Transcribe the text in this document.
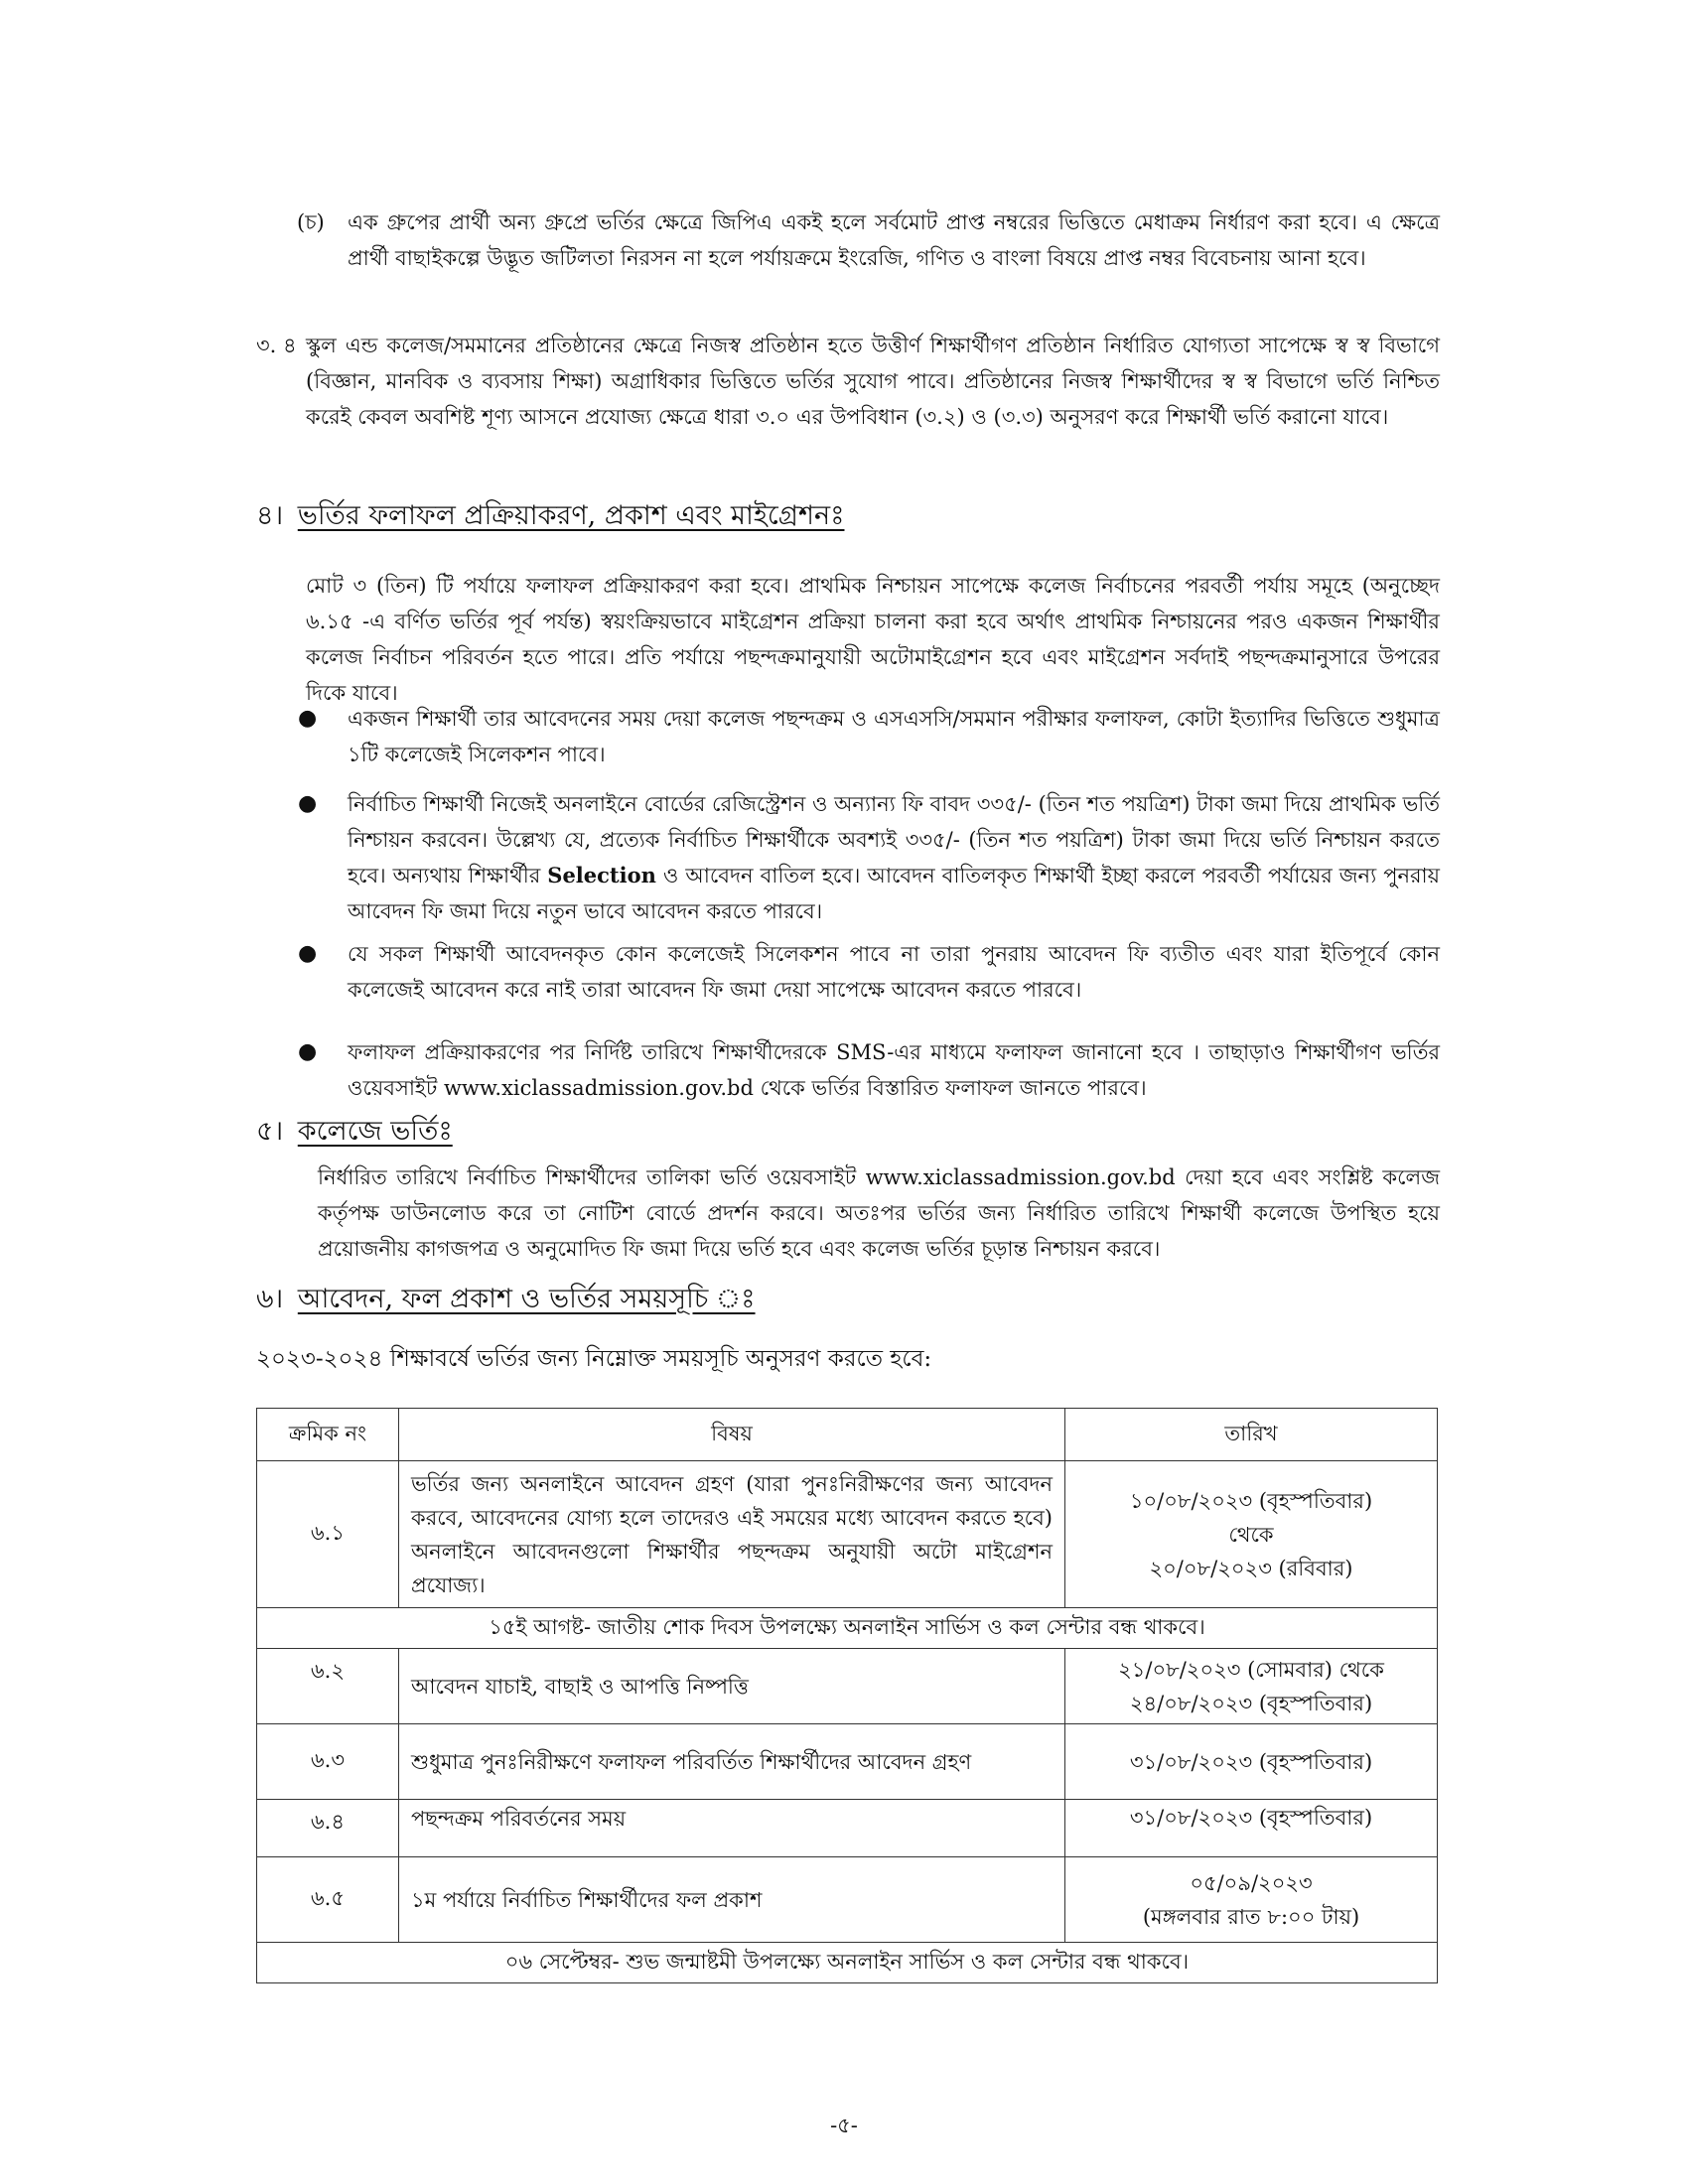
(চ) এক গ্রুপের প্রার্থী অন্য গ্রুপ্রে ভর্তির ক্ষেত্রে জিপিএ একই হলে সর্বমোট প্রাপ্ত নম্বরের ভিত্তিতে মেধাক্রম নির্ধারণ করা হবে। এ ক্ষেত্রে প্রার্থী বাছাইকল্পে উদ্ভূত জটিলতা নিরসন না হলে পর্যায়ক্রমে ইংরেজি, গণিত ও বাংলা বিষয়ে প্রাপ্ত নম্বর বিবেচনায় আনা হবে।

৩. ৪ স্কুল এন্ড কলেজ/সমমানের প্রতিষ্ঠানের ক্ষেত্রে নিজস্ব প্রতিষ্ঠান হতে উত্তীর্ণ শিক্ষার্থীগণ প্রতিষ্ঠান নির্ধারিত যোগ্যতা সাপেক্ষে স্ব স্ব বিভাগে (বিজ্ঞান, মানবিক ও ব্যবসায় শিক্ষা) অগ্রাধিকার ভিত্তিতে ভর্তির সুযোগ পাবে। প্রতিষ্ঠানের নিজস্ব শিক্ষার্থীদের স্ব স্ব বিভাগে ভর্তি নিশ্চিত করেই কেবল অবশিষ্ট শূণ্য আসনে প্রযোজ্য ক্ষেত্রে ধারা ৩.০ এর উপবিধান (৩.২) ও (৩.৩) অনুসরণ করে শিক্ষার্থী ভর্তি করানো যাবে।

৪। ভর্তির ফলাফল প্রক্রিয়াকরণ, প্রকাশ এবং মাইগ্রেশনঃ

মোট ৩ (তিন) টি পর্যায়ে ফলাফল প্রক্রিয়াকরণ করা হবে। প্রাথমিক নিশ্চায়ন সাপেক্ষে কলেজ নির্বাচনের পরবর্তী পর্যায় সমূহে (অনুচ্ছেদ ৬.১৫ -এ বর্ণিত ভর্তির পূর্ব পর্যন্ত) স্বয়ংক্রিয়ভাবে মাইগ্রেশন প্রক্রিয়া চালনা করা হবে অর্থাৎ প্রাথমিক নিশ্চায়নের পরও একজন শিক্ষার্থীর কলেজ নির্বাচন পরিবর্তন হতে পারে। প্রতি পর্যায়ে পছন্দক্রমানুযায়ী অটোমাইগ্রেশন হবে এবং মাইগ্রেশন সর্বদাই পছন্দক্রমানুসারে উপরের দিকে যাবে।

● একজন শিক্ষার্থী তার আবেদনের সময় দেয়া কলেজ পছন্দক্রম ও এসএসসি/সমমান পরীক্ষার ফলাফল, কোটা ইত্যাদির ভিত্তিতে শুধুমাত্র ১টি কলেজেই সিলেকশন পাবে।

● নির্বাচিত শিক্ষার্থী নিজেই অনলাইনে বোর্ডের রেজিস্ট্রেশন ও অন্যান্য ফি বাবদ ৩৩৫/- (তিন শত পয়ত্রিশ) টাকা জমা দিয়ে প্রাথমিক ভর্তি নিশ্চায়ন করবেন। উল্লেখ্য যে, প্রত্যেক নির্বাচিত শিক্ষার্থীকে অবশ্যই ৩৩৫/- (তিন শত পয়ত্রিশ) টাকা জমা দিয়ে ভর্তি নিশ্চায়ন করতে হবে। অন্যথায় শিক্ষার্থীর Selection ও আবেদন বাতিল হবে। আবেদন বাতিলকৃত শিক্ষার্থী ইচ্ছা করলে পরবর্তী পর্যায়ের জন্য পুনরায় আবেদন ফি জমা দিয়ে নতুন ভাবে আবেদন করতে পারবে।

● যে সকল শিক্ষার্থী আবেদনকৃত কোন কলেজেই সিলেকশন পাবে না তারা পুনরায় আবেদন ফি ব্যতীত এবং যারা ইতিপূর্বে কোন কলেজেই আবেদন করে নাই তারা আবেদন ফি জমা দেয়া সাপেক্ষে আবেদন করতে পারবে।

● ফলাফল প্রক্রিয়াকরণের পর নির্দিষ্ট তারিখে শিক্ষার্থীদেরকে SMS-এর মাধ্যমে ফলাফল জানানো হবে । তাছাড়াও শিক্ষার্থীগণ ভর্তির ওয়েবসাইট www.xiclassadmission.gov.bd থেকে ভর্তির বিস্তারিত ফলাফল জানতে পারবে।

৫। কলেজে ভর্তিঃ

নির্ধারিত তারিখে নির্বাচিত শিক্ষার্থীদের তালিকা ভর্তি ওয়েবসাইট www.xiclassadmission.gov.bd দেয়া হবে এবং সংশ্লিষ্ট কলেজ কর্তৃপক্ষ ডাউনলোড করে তা নোটিশ বোর্ডে প্রদর্শন করবে। অতঃপর ভর্তির জন্য নির্ধারিত তারিখে শিক্ষার্থী কলেজে উপস্থিত হয়ে প্রয়োজনীয় কাগজপত্র ও অনুমোদিত ফি জমা দিয়ে ভর্তি হবে এবং কলেজ ভর্তির চূড়ান্ত নিশ্চায়ন করবে।

৬। আবেদন, ফল প্রকাশ ও ভর্তির সময়সূচি ঃ

২০২৩-২০২৪ শিক্ষাবর্ষে ভর্তির জন্য নিম্নোক্ত সময়সূচি অনুসরণ করতে হবে:

ক্রমিক নং	বিষয়	তারিখ
৬.১	ভর্তির জন্য অনলাইনে আবেদন গ্রহণ (যারা পুনঃনিরীক্ষণের জন্য আবেদন করবে, আবেদনের যোগ্য হলে তাদেরও এই সময়ের মধ্যে আবেদন করতে হবে) অনলাইনে আবেদনগুলো শিক্ষার্থীর পছন্দক্রম অনুযায়ী অটো মাইগ্রেশন প্রযোজ্য।	১০/০৮/২০২৩ (বৃহস্পতিবার)
থেকে
২০/০৮/২০২৩ (রবিবার)

১৫ই আগষ্ট- জাতীয় শোক দিবস উপলক্ষ্যে অনলাইন সার্ভিস ও কল সেন্টার বন্ধ থাকবে।		
৬.২	আবেদন যাচাই, বাছাই ও আপত্তি নিষ্পত্তি	২১/০৮/২০২৩ (সোমবার) থেকে
২৪/০৮/২০২৩ (বৃহস্পতিবার)

৬.৩	শুধুমাত্র পুনঃনিরীক্ষণে ফলাফল পরিবর্তিত শিক্ষার্থীদের আবেদন গ্রহণ	৩১/০৮/২০২৩ (বৃহস্পতিবার)

৬.৪	পছন্দক্রম পরিবর্তনের সময়	৩১/০৮/২০২৩ (বৃহস্পতিবার)

৬.৫	১ম পর্যায়ে নির্বাচিত শিক্ষার্থীদের ফল প্রকাশ	০৫/০৯/২০২৩
(মঙ্গলবার রাত ৮:০০ টায়)

০৬ সেপ্টেম্বর- শুভ জন্মাষ্টমী উপলক্ষ্যে অনলাইন সার্ভিস ও কল সেন্টার বন্ধ থাকবে।		
-৫-
